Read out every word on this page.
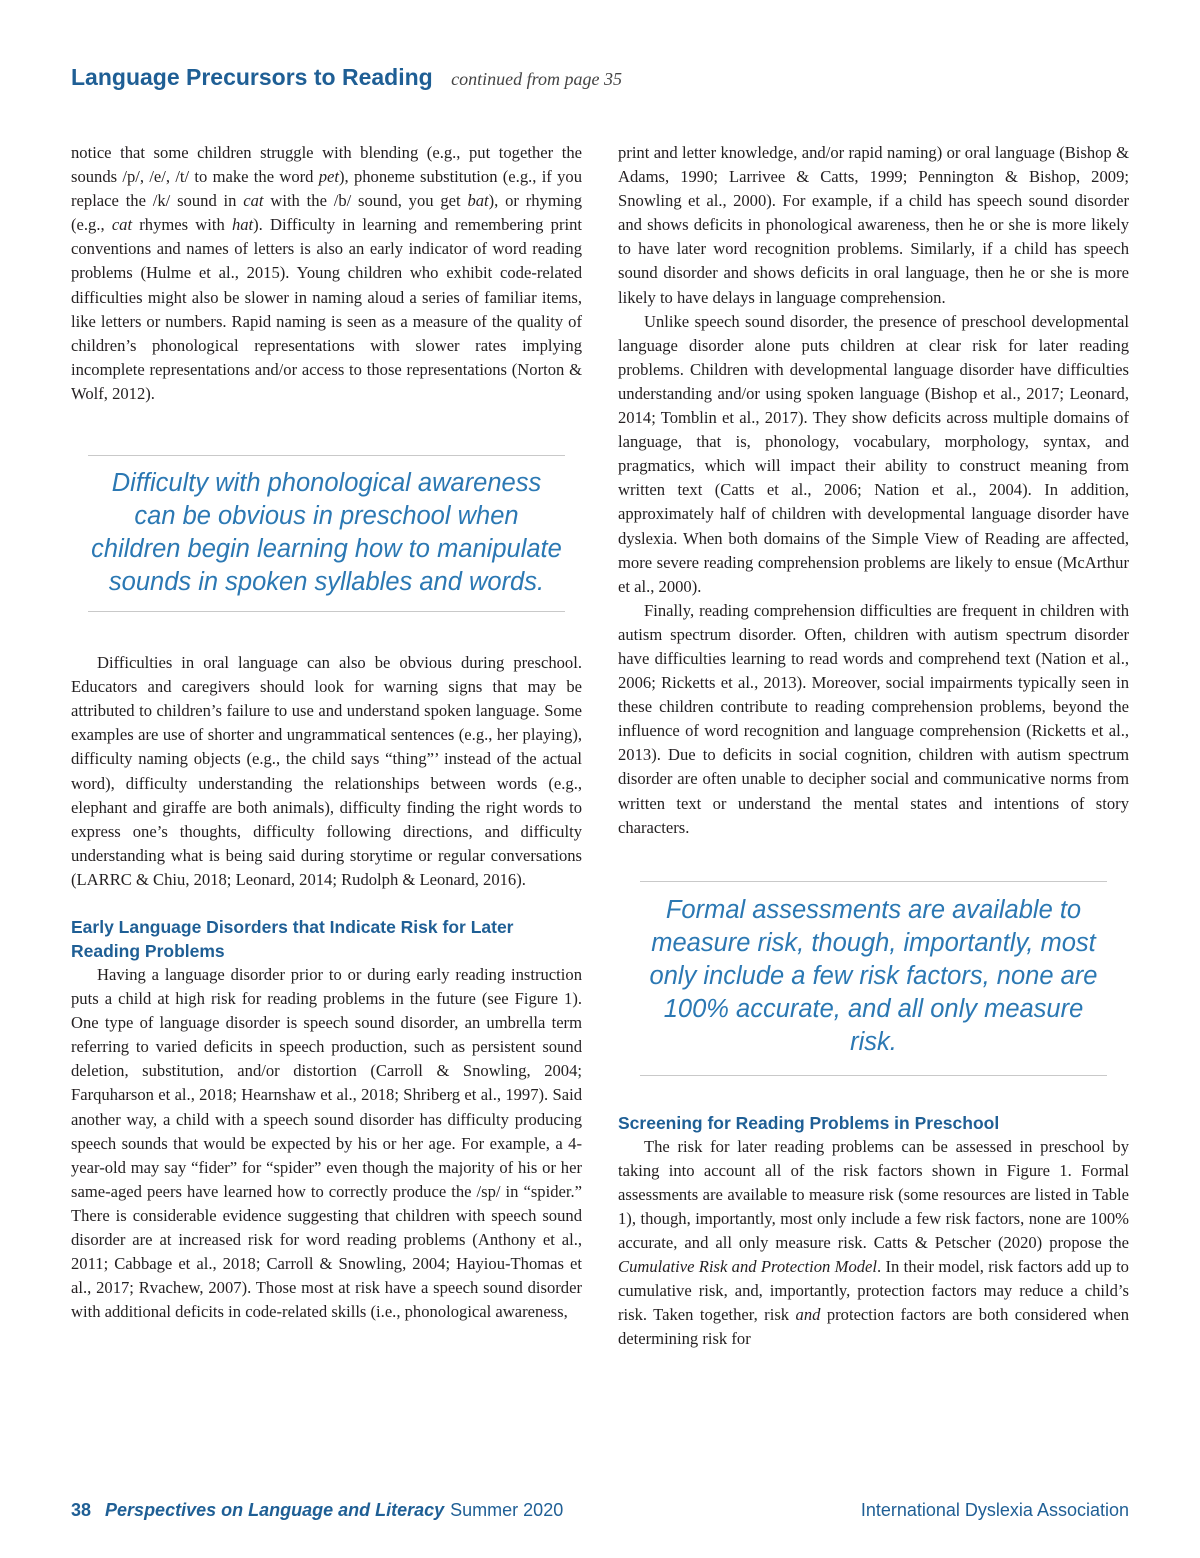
Language Precursors to Reading continued from page 35

notice that some children struggle with blending (e.g., put together the sounds /p/, /e/, /t/ to make the word pet), phoneme substitution (e.g., if you replace the /k/ sound in cat with the /b/ sound, you get bat), or rhyming (e.g., cat rhymes with hat). Difficulty in learning and remembering print conventions and names of letters is also an early indicator of word reading problems (Hulme et al., 2015). Young children who exhibit code-related difficulties might also be slower in naming aloud a series of familiar items, like letters or numbers. Rapid naming is seen as a measure of the quality of children’s phonological representations with slower rates implying incomplete representations and/or access to those representations (Norton & Wolf, 2012).

Difficulty with phonological awareness can be obvious in preschool when children begin learning how to manipulate sounds in spoken syllables and words.

Difficulties in oral language can also be obvious during preschool. Educators and caregivers should look for warning signs that may be attributed to children’s failure to use and understand spoken language. Some examples are use of shorter and ungrammatical sentences (e.g., her playing), difficulty naming objects (e.g., the child says “thing”’ instead of the actual word), difficulty understanding the relationships between words (e.g., elephant and giraffe are both animals), difficulty finding the right words to express one’s thoughts, difficulty following directions, and difficulty understanding what is being said during storytime or regular conversations (LARRC & Chiu, 2018; Leonard, 2014; Rudolph & Leonard, 2016).

Early Language Disorders that Indicate Risk for Later Reading Problems

Having a language disorder prior to or during early reading instruction puts a child at high risk for reading problems in the future (see Figure 1). One type of language disorder is speech sound disorder, an umbrella term referring to varied deficits in speech production, such as persistent sound deletion, substitution, and/or distortion (Carroll & Snowling, 2004; Farquharson et al., 2018; Hearnshaw et al., 2018; Shriberg et al., 1997). Said another way, a child with a speech sound disorder has difficulty producing speech sounds that would be expected by his or her age. For example, a 4-year-old may say “fider” for “spider” even though the majority of his or her same-aged peers have learned how to correctly produce the /sp/ in “spider.” There is considerable evidence suggesting that children with speech sound disorder are at increased risk for word reading problems (Anthony et al., 2011; Cabbage et al., 2018; Carroll & Snowling, 2004; Hayiou-Thomas et al., 2017; Rvachew, 2007). Those most at risk have a speech sound disorder with additional deficits in code-related skills (i.e., phonological awareness,

print and letter knowledge, and/or rapid naming) or oral language (Bishop & Adams, 1990; Larrivee & Catts, 1999; Pennington & Bishop, 2009; Snowling et al., 2000). For example, if a child has speech sound disorder and shows deficits in phonological awareness, then he or she is more likely to have later word recognition problems. Similarly, if a child has speech sound disorder and shows deficits in oral language, then he or she is more likely to have delays in language comprehension.

Unlike speech sound disorder, the presence of preschool developmental language disorder alone puts children at clear risk for later reading problems. Children with developmental language disorder have difficulties understanding and/or using spoken language (Bishop et al., 2017; Leonard, 2014; Tomblin et al., 2017). They show deficits across multiple domains of language, that is, phonology, vocabulary, morphology, syntax, and pragmatics, which will impact their ability to construct meaning from written text (Catts et al., 2006; Nation et al., 2004). In addition, approximately half of children with developmental language disorder have dyslexia. When both domains of the Simple View of Reading are affected, more severe reading comprehension problems are likely to ensue (McArthur et al., 2000).

Finally, reading comprehension difficulties are frequent in children with autism spectrum disorder. Often, children with autism spectrum disorder have difficulties learning to read words and comprehend text (Nation et al., 2006; Ricketts et al., 2013). Moreover, social impairments typically seen in these children contribute to reading comprehension problems, beyond the influence of word recognition and language comprehension (Ricketts et al., 2013). Due to deficits in social cognition, children with autism spectrum disorder are often unable to decipher social and communicative norms from written text or understand the mental states and intentions of story characters.

Formal assessments are available to measure risk, though, importantly, most only include a few risk factors, none are 100% accurate, and all only measure risk.
Screening for Reading Problems in Preschool

The risk for later reading problems can be assessed in preschool by taking into account all of the risk factors shown in Figure 1. Formal assessments are available to measure risk (some resources are listed in Table 1), though, importantly, most only include a few risk factors, none are 100% accurate, and all only measure risk. Catts & Petscher (2020) propose the Cumulative Risk and Protection Model. In their model, risk factors add up to cumulative risk, and, importantly, protection factors may reduce a child’s risk. Taken together, risk and protection factors are both considered when determining risk for

38 Perspectives on Language and Literacy Summer 2020	International Dyslexia Association
